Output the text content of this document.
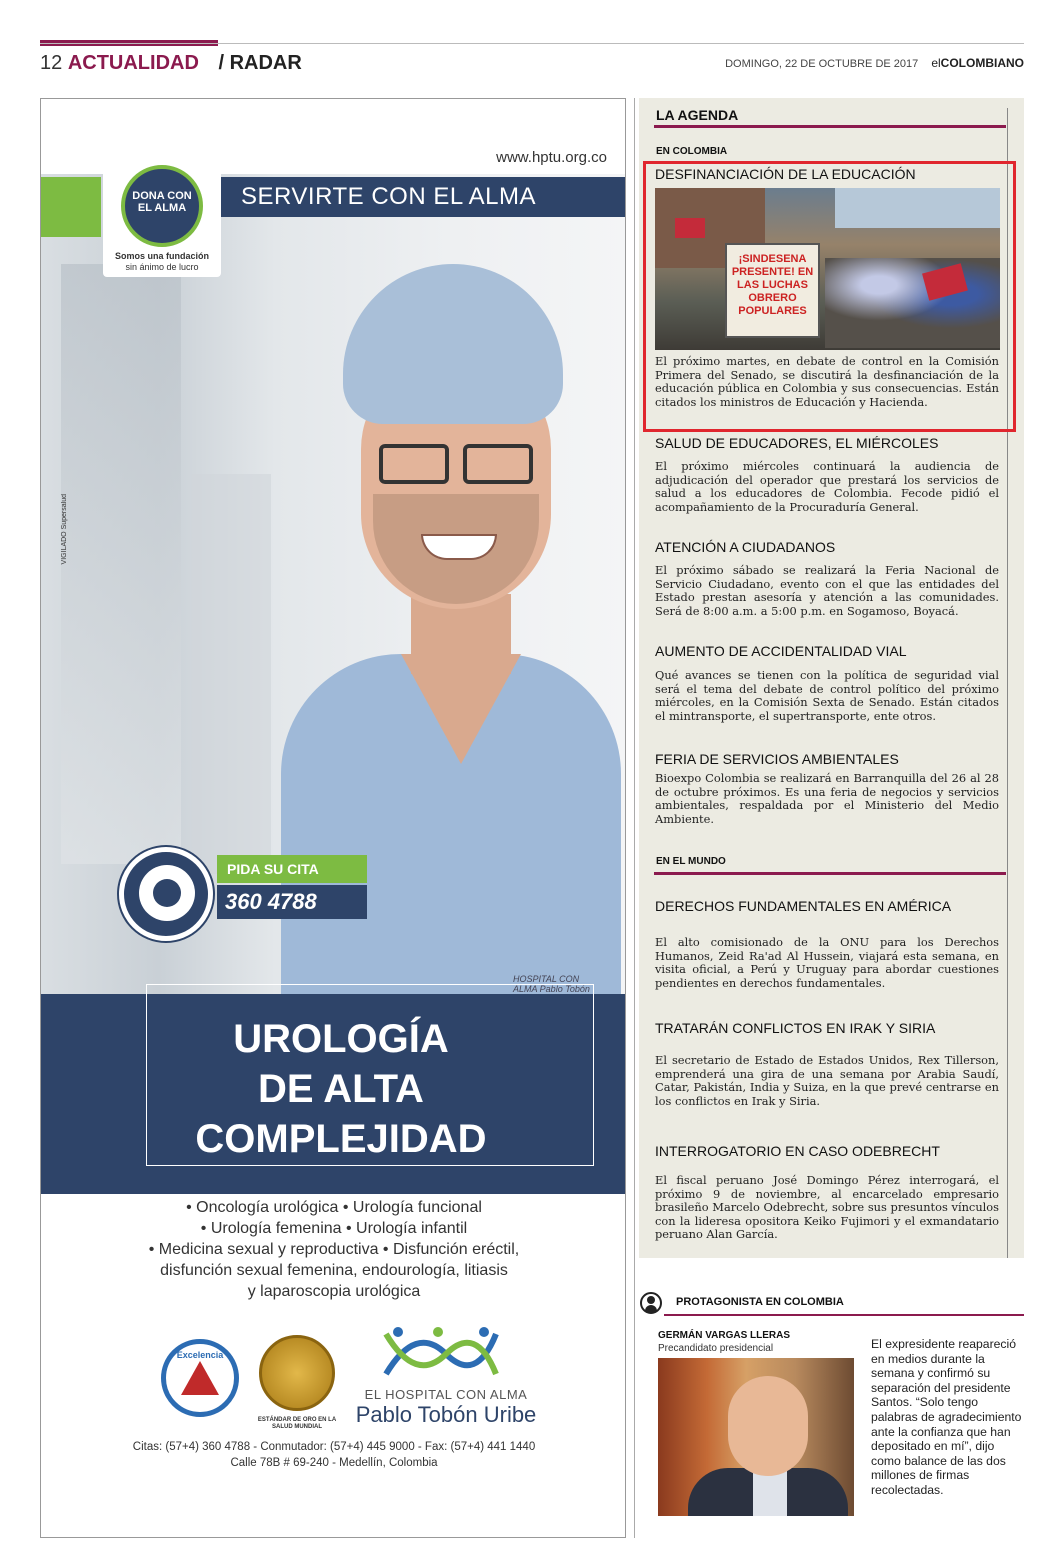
12 ACTUALIDAD / RADAR	DOMINGO, 22 DE OCTUBRE DE 2017 elCOLOMBIANO
www.hptu.org.co
SERVIRTE CON EL ALMA
DONA CON EL ALMA
Somos una fundación
sin ánimo de lucro
VIGILADO Supersalud
HOSPITAL CON ALMA Pablo Tobón
PIDA SU CITA
360 4788
UROLOGÍA
DE ALTA
COMPLEJIDAD
• Oncología urológica • Urología funcional
• Urología femenina • Urología infantil
• Medicina sexual y reproductiva • Disfunción eréctil,
disfunción sexual femenina, endourología, litiasis
y laparoscopia urológica
Excelencia
ESTÁNDAR DE ORO EN LA SALUD MUNDIAL
EL HOSPITAL CON ALMA
Pablo Tobón Uribe
Citas: (57+4) 360 4788 - Conmutador: (57+4) 445 9000 - Fax: (57+4) 441 1440
Calle 78B # 69-240 - Medellín, Colombia
LA AGENDA
EN COLOMBIA
DESFINANCIACIÓN DE LA EDUCACIÓN
¡SINDESENA PRESENTE! EN LAS LUCHAS OBRERO POPULARES
El próximo martes, en debate de control en la Comisión Primera del Senado, se discutirá la desfinanciación de la educación pública en Colombia y sus consecuencias. Están citados los ministros de Educación y Hacienda.
SALUD DE EDUCADORES, EL MIÉRCOLES
El próximo miércoles continuará la audiencia de adjudicación del operador que prestará los servicios de salud a los educadores de Colombia. Fecode pidió el acompañamiento de la Procuraduría General.
ATENCIÓN A CIUDADANOS
El próximo sábado se realizará la Feria Nacional de Servicio Ciudadano, evento con el que las entidades del Estado prestan asesoría y atención a las comunidades. Será de 8:00 a.m. a 5:00 p.m. en Sogamoso, Boyacá.
AUMENTO DE ACCIDENTALIDAD VIAL
Qué avances se tienen con la política de seguridad vial será el tema del debate de control político del próximo miércoles, en la Comisión Sexta de Senado. Están citados el mintransporte, el supertransporte, ente otros.
FERIA DE SERVICIOS AMBIENTALES
Bioexpo Colombia se realizará en Barranquilla del 26 al 28 de octubre próximos. Es una feria de negocios y servicios ambientales, respaldada por el Ministerio del Medio Ambiente.
EN EL MUNDO
DERECHOS FUNDAMENTALES EN AMÉRICA
El alto comisionado de la ONU para los Derechos Humanos, Zeid Ra'ad Al Hussein, viajará esta semana, en visita oficial, a Perú y Uruguay para abordar cuestiones pendientes en derechos fundamentales.
TRATARÁN CONFLICTOS EN IRAK Y SIRIA
El secretario de Estado de Estados Unidos, Rex Tillerson, emprenderá una gira de una semana por Arabia Saudí, Catar, Pakistán, India y Suiza, en la que prevé centrarse en los conflictos en Irak y Siria.
INTERROGATORIO EN CASO ODEBRECHT
El fiscal peruano José Domingo Pérez interrogará, el próximo 9 de noviembre, al encarcelado empresario brasileño Marcelo Odebrecht, sobre sus presuntos vínculos con la lideresa opositora Keiko Fujimori y el exmandatario peruano Alan García.
PROTAGONISTA EN COLOMBIA
GERMÁN VARGAS LLERAS
Precandidato presidencial	El expresidente reapareció en medios durante la semana y confirmó su separación del presidente Santos. “Solo tengo palabras de agradecimiento ante la confianza que han depositado en mí”, dijo como balance de las dos millones de firmas recolectadas.
